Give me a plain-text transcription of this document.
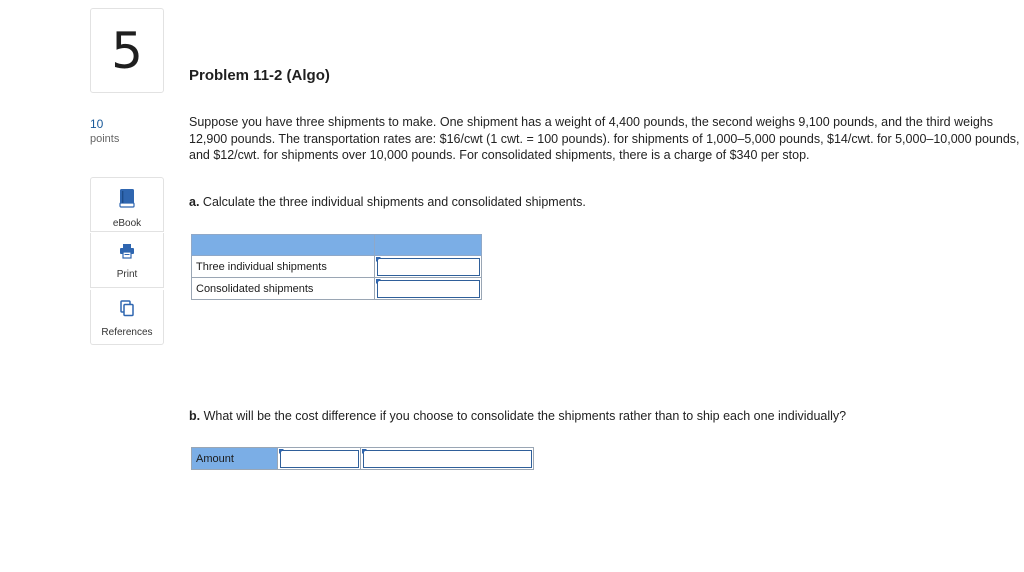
5
10
points
eBook
Print
References
Problem 11-2 (Algo)
Suppose you have three shipments to make. One shipment has a weight of 4,400 pounds, the second weighs 9,100 pounds, and the third weighs 12,900 pounds. The transportation rates are: $16/cwt (1 cwt. = 100 pounds). for shipments of 1,000–5,000 pounds, $14/cwt. for 5,000–10,000 pounds, and $12/cwt. for shipments over 10,000 pounds. For consolidated shipments, there is a charge of $340 per stop.
a. Calculate the three individual shipments and consolidated shipments.

Three individual shipments	

Consolidated shipments	
b. What will be the cost difference if you choose to consolidate the shipments rather than to ship each one individually?
Amount	
